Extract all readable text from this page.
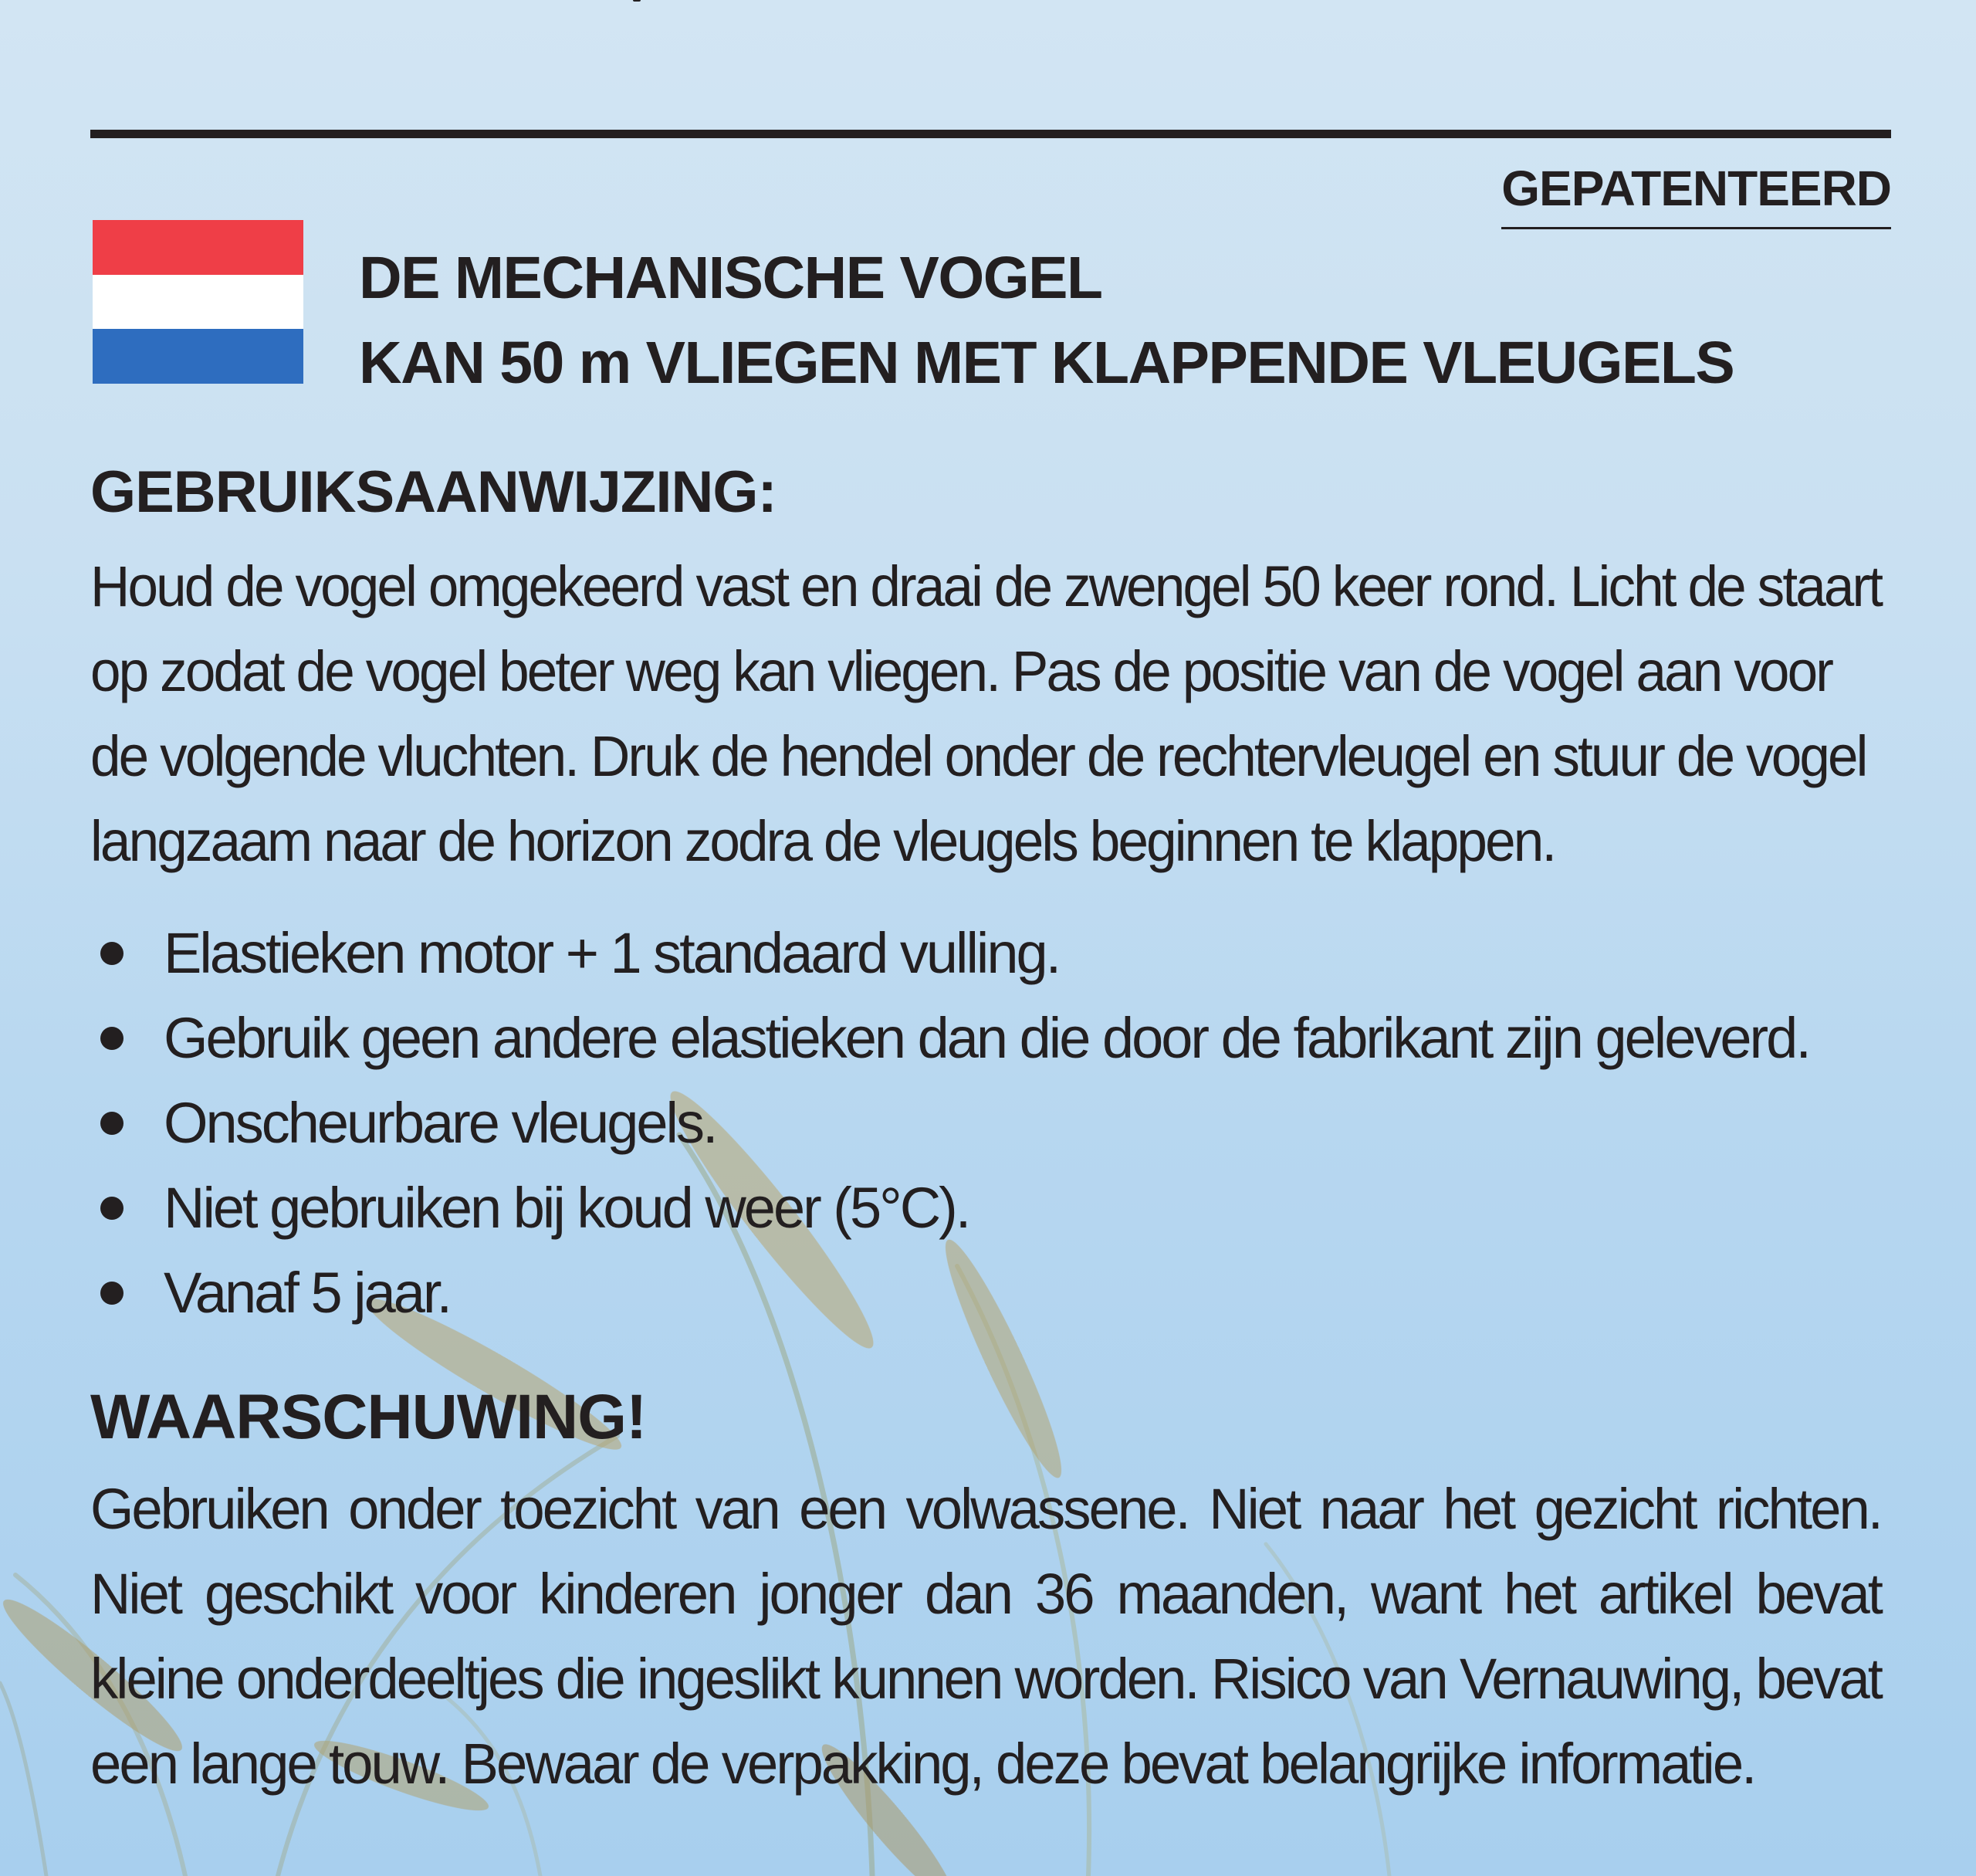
GEPATENTEERD
DE MECHANISCHE VOGEL
KAN 50 m VLIEGEN MET KLAPPENDE VLEUGELS
GEBRUIKSAANWIJZING:
Houd de vogel omgekeerd vast en draai de zwengel 50 keer rond. Licht de staart
op zodat de vogel beter weg kan vliegen. Pas de positie van de vogel aan voor
de volgende vluchten. Druk de hendel onder de rechtervleugel en stuur de vogel
langzaam naar de horizon zodra de vleugels beginnen te klappen.
Elastieken motor + 1 standaard vulling.
Gebruik geen andere elastieken dan die door de fabrikant zijn geleverd.
Onscheurbare vleugels.
Niet gebruiken bij koud weer (5°C).
Vanaf 5 jaar.
WAARSCHUWING!
Gebruiken onder toezicht van een volwassene. Niet naar het gezicht richten.
Niet geschikt voor kinderen jonger dan 36 maanden, want het artikel bevat
kleine onderdeeltjes die ingeslikt kunnen worden. Risico van Vernauwing, bevat
een lange touw. Bewaar de verpakking, deze bevat belangrijke informatie.
